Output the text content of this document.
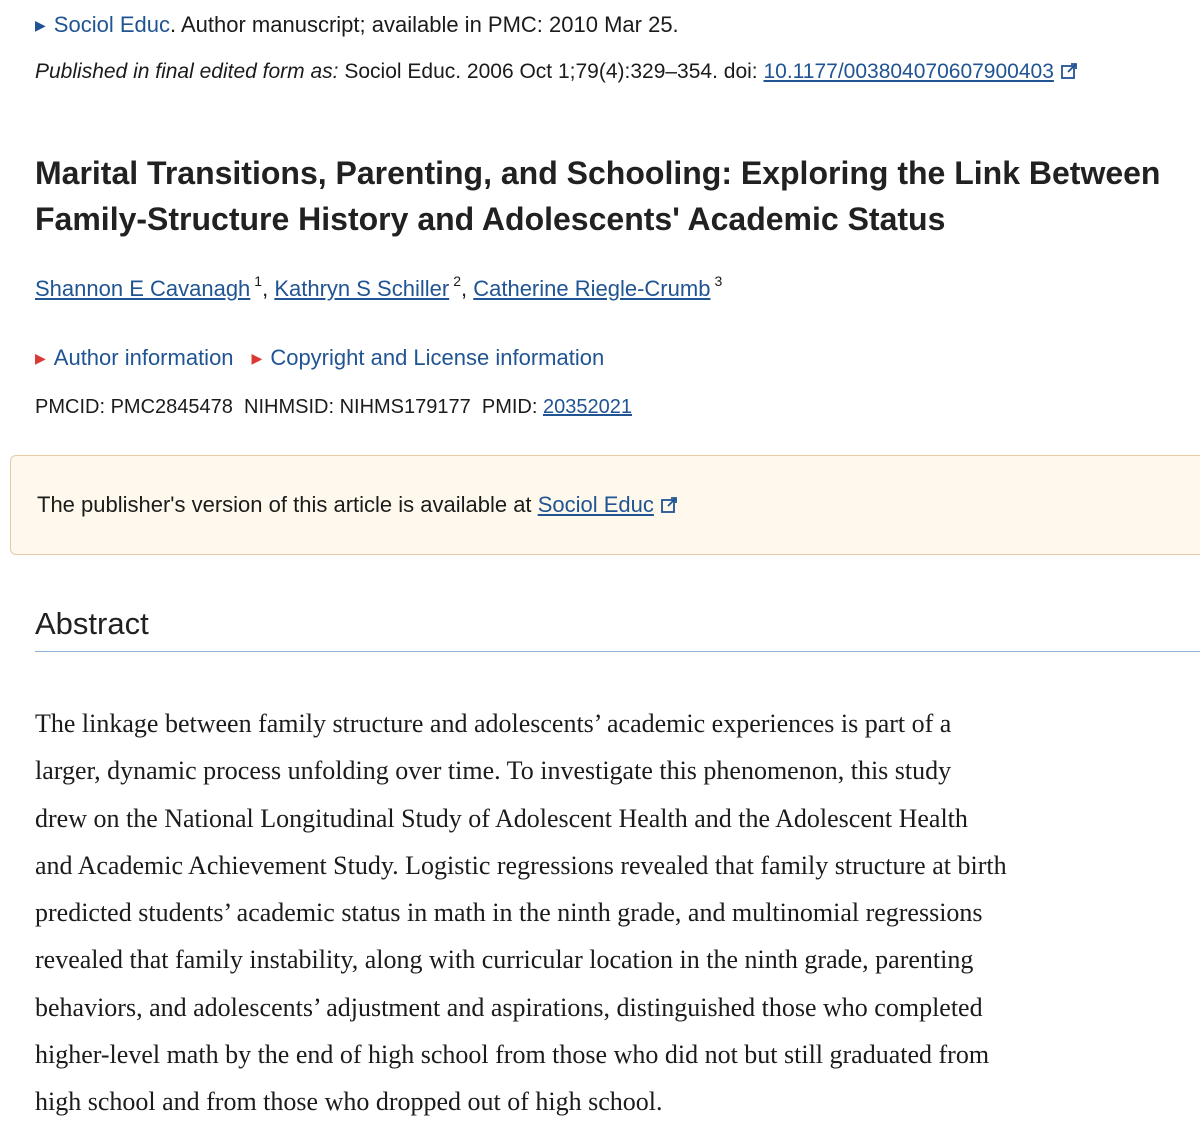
▶ Sociol Educ. Author manuscript; available in PMC: 2010 Mar 25.
Published in final edited form as: Sociol Educ. 2006 Oct 1;79(4):329–354. doi: 10.1177/003804070607900403
Marital Transitions, Parenting, and Schooling: Exploring the Link Between
Family-Structure History and Adolescents' Academic Status
Shannon E Cavanagh $^1$, Kathryn S Schiller $^2$, Catherine Riegle-Crumb $^3$
▶ Author information ▶ Copyright and License information
PMCID: PMC2845478 NIHMSID: NIHMS179177 PMID: 20352021
The publisher's version of this article is available at
Sociol Educ
Abstract

The linkage between family structure and adolescents’ academic experiences is part of a
larger, dynamic process unfolding over time. To investigate this phenomenon, this study
drew on the National Longitudinal Study of Adolescent Health and the Adolescent Health
and Academic Achievement Study. Logistic regressions revealed that family structure at birth
predicted students’ academic status in math in the ninth grade, and multinomial regressions
revealed that family instability, along with curricular location in the ninth grade, parenting
behaviors, and adolescents’ adjustment and aspirations, distinguished those who completed
higher-level math by the end of high school from those who did not but still graduated from
high school and from those who dropped out of high school.
